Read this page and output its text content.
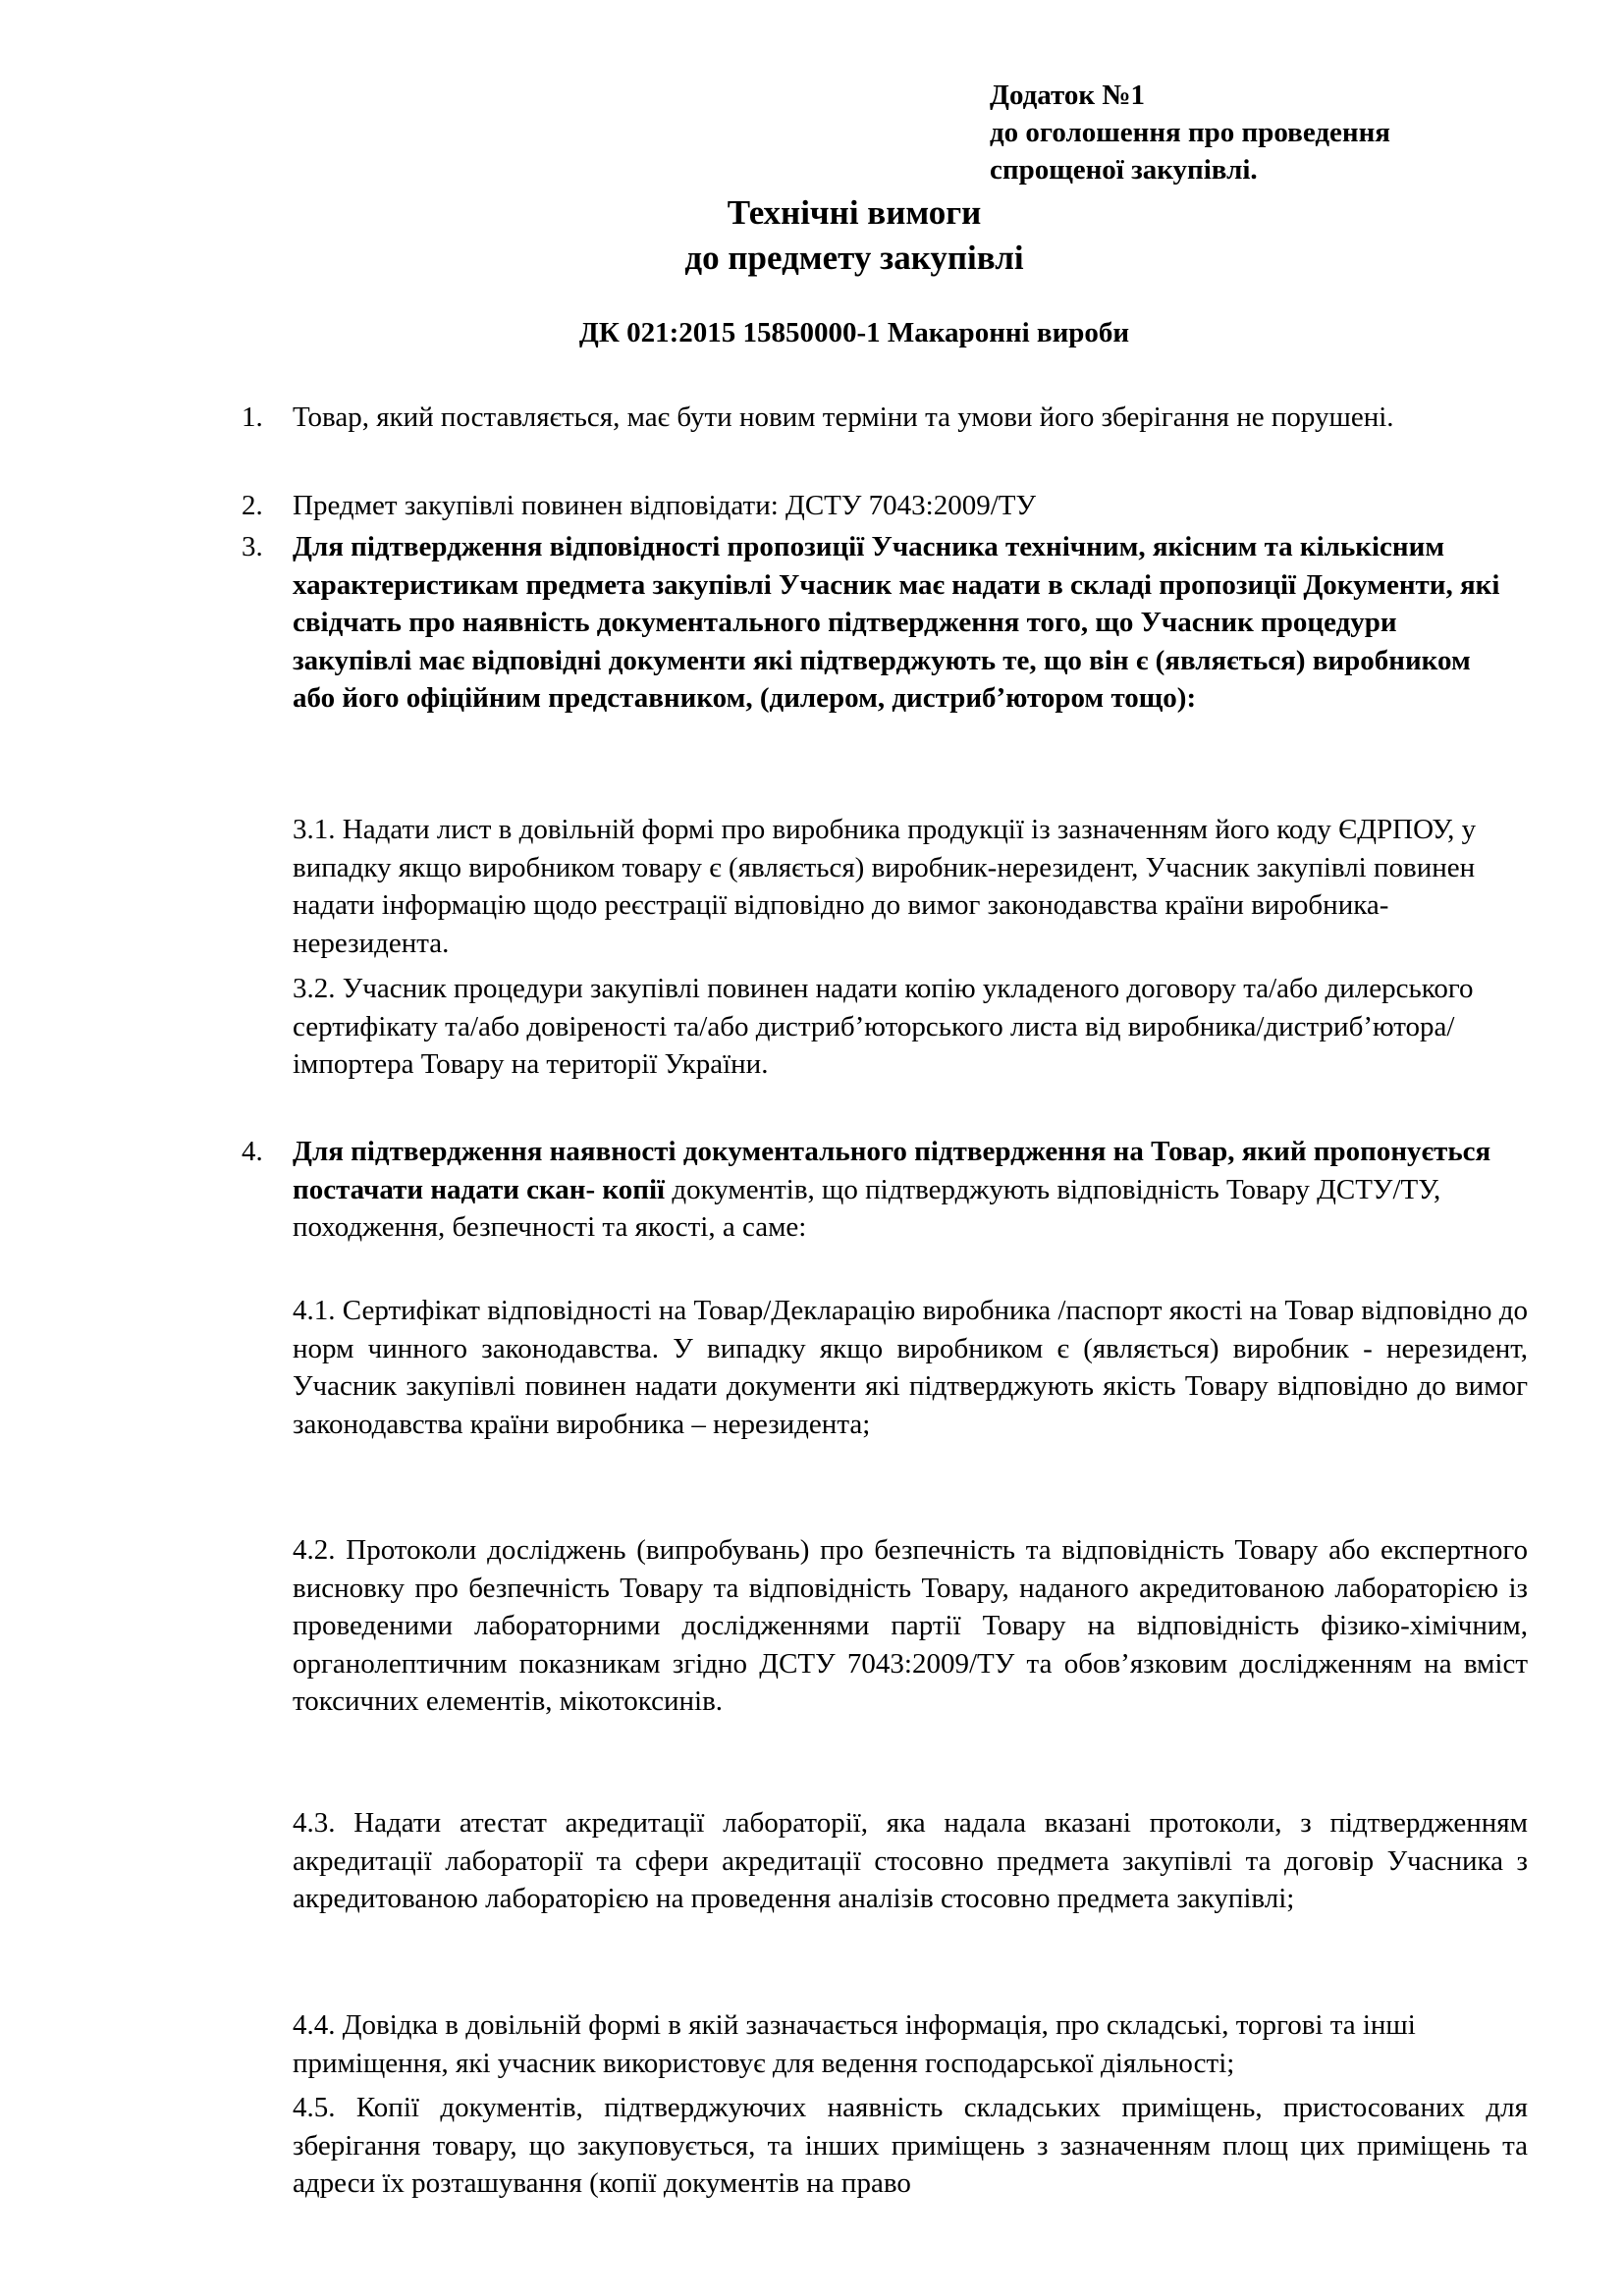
Додаток №1
до оголошення про проведення
спрощеної закупівлі.
Технічні вимоги
до предмету закупівлі
ДК 021:2015 15850000-1 Макаронні вироби
1. Товар, який поставляється, має бути новим терміни та умови його зберігання не порушені.
2. Предмет закупівлі повинен відповідати: ДСТУ 7043:2009/ТУ
3. Для підтвердження відповідності пропозиції Учасника технічним, якісним та кількісним характеристикам предмета закупівлі Учасник має надати в складі пропозиції Документи, які свідчать про наявність документального підтвердження того, що Учасник процедури закупівлі має відповідні документи які підтверджують те, що він є (являється) виробником або його офіційним представником, (дилером, дистриб’ютором тощо):
3.1. Надати лист в довільній формі про виробника продукції із зазначенням його коду ЄДРПОУ, у випадку якщо виробником товару є (являється) виробник-нерезидент, Учасник закупівлі повинен надати інформацію щодо реєстрації відповідно до вимог законодавства країни виробника-нерезидента.
3.2. Учасник процедури закупівлі повинен надати копію укладеного договору та/або дилерського сертифікату та/або довіреності та/або дистриб’юторського листа від виробника/дистриб’ютора/імпортера Товару на території України.
4. Для підтвердження наявності документального підтвердження на Товар, який пропонується постачати надати скан- копії документів, що підтверджують відповідність Товару ДСТУ/ТУ, походження, безпечності та якості, а саме:
4.1. Сертифікат відповідності на Товар/Декларацію виробника /паспорт якості на Товар відповідно до норм чинного законодавства. У випадку якщо виробником є (являється) виробник - нерезидент, Учасник закупівлі повинен надати документи які підтверджують якість Товару відповідно до вимог законодавства країни виробника – нерезидента;
4.2. Протоколи досліджень (випробувань) про безпечність та відповідність Товару або експертного висновку про безпечність Товару та відповідність Товару, наданого акредитованою лабораторією із проведеними лабораторними дослідженнями партії Товару на відповідність фізико-хімічним, органолептичним показникам згідно ДСТУ 7043:2009/ТУ та обов’язковим дослідженням на вміст токсичних елементів, мікотоксинів.
4.3. Надати атестат акредитації лабораторії, яка надала вказані протоколи, з підтвердженням акредитації лабораторії та сфери акредитації стосовно предмета закупівлі та договір Учасника з акредитованою лабораторією на проведення аналізів стосовно предмета закупівлі;
4.4. Довідка в довільній формі в якій зазначається інформація, про складські, торгові та інші приміщення, які учасник використовує для ведення господарської діяльності;
4.5. Копії документів, підтверджуючих наявність складських приміщень, пристосованих для зберігання товару, що закуповується, та інших приміщень з зазначенням площ цих приміщень та адреси їх розташування (копії документів на право
